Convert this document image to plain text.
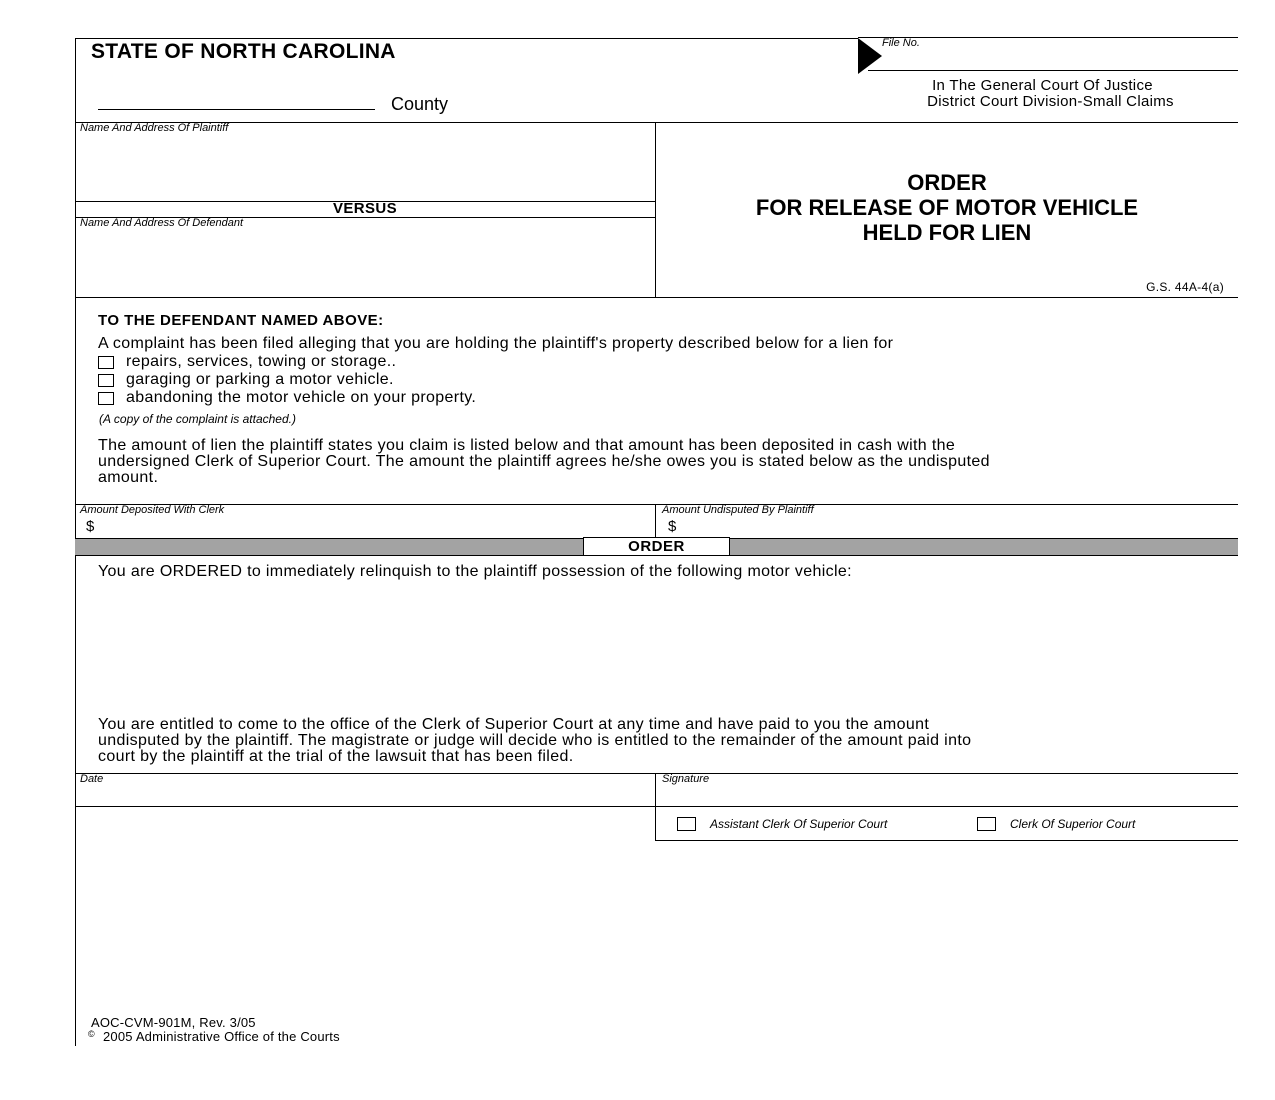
STATE OF NORTH CAROLINA
County
File No.
In The General Court Of Justice
District Court Division-Small Claims
Name And Address Of Plaintiff
VERSUS
Name And Address Of Defendant
ORDER
FOR RELEASE OF MOTOR VEHICLE
HELD FOR LIEN
G.S. 44A-4(a)
TO THE DEFENDANT NAMED ABOVE:
A complaint has been filed alleging that you are holding the plaintiff's property described below for a lien for
repairs, services, towing or storage..
garaging or parking a motor vehicle.
abandoning the motor vehicle on your property.
(A copy of the complaint is attached.)
The amount of lien the plaintiff states you claim is listed below and that amount has been deposited in cash with the
undersigned Clerk of Superior Court. The amount the plaintiff agrees he/she owes you is stated below as the undisputed
amount.
Amount Deposited With Clerk
$
Amount Undisputed By Plaintiff
$
ORDER
You are ORDERED to immediately relinquish to the plaintiff possession of the following motor vehicle:
You are entitled to come to the office of the Clerk of Superior Court at any time and have paid to you the amount
undisputed by the plaintiff. The magistrate or judge will decide who is entitled to the remainder of the amount paid into
court by the plaintiff at the trial of the lawsuit that has been filed.
Date	Signature
Assistant Clerk Of Superior Court	Clerk Of Superior Court
AOC-CVM-901M, Rev. 3/05
© 2005 Administrative Office of the Courts
